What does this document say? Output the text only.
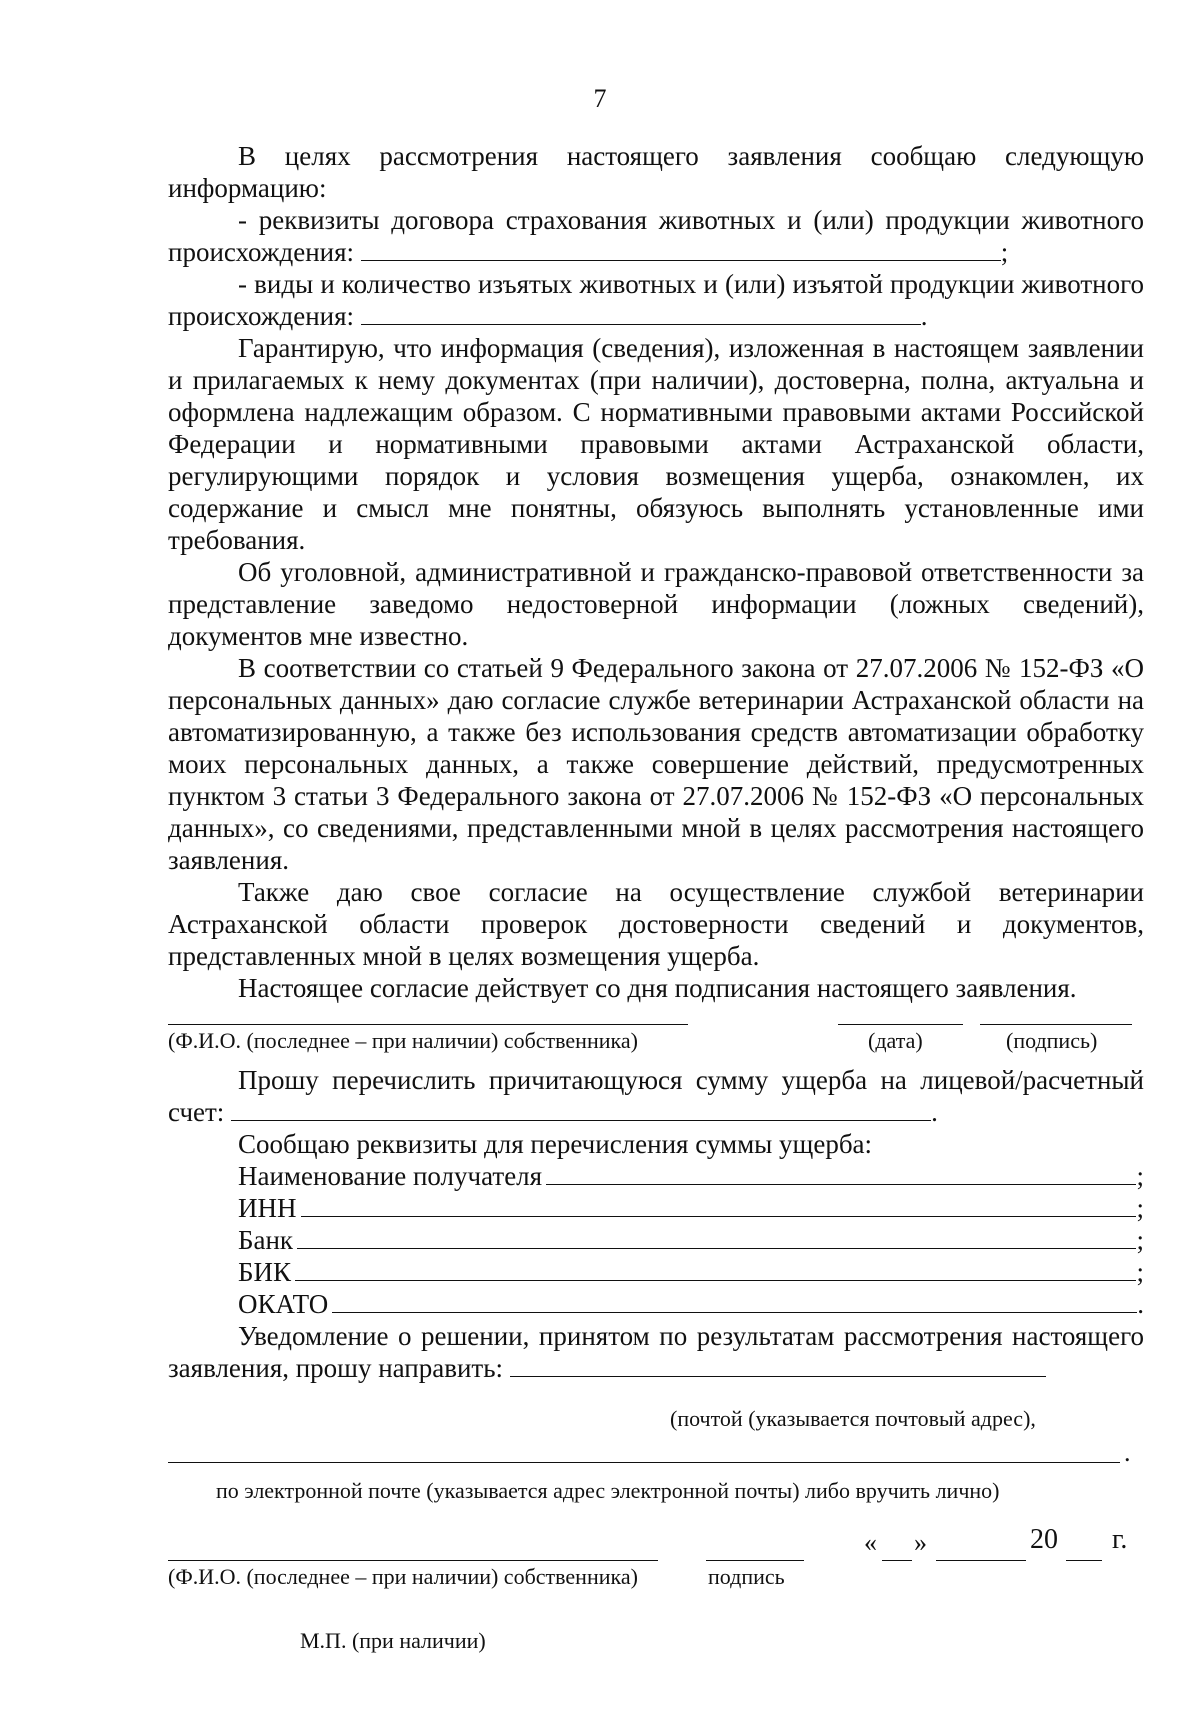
7

В целях рассмотрения настоящего заявления сообщаю следующую информацию:

- реквизиты договора страхования животных и (или) продукции животного происхождения:	;

- виды и количество изъятых животных и (или) изъятой продукции животного происхождения:	.

Гарантирую, что информация (сведения), изложенная в настоящем заявлении и прилагаемых к нему документах (при наличии), достоверна, полна, актуальна и оформлена надлежащим образом. С нормативными правовыми актами Российской Федерации и нормативными правовыми актами Астраханской области, регулирующими порядок и условия возмещения ущерба, ознакомлен, их содержание и смысл мне понятны, обязуюсь выполнять установленные ими требования.

Об уголовной, административной и гражданско-правовой ответственности за представление заведомо недостоверной информации (ложных сведений), документов мне известно.

В соответствии со статьей 9 Федерального закона от 27.07.2006 № 152-ФЗ «О персональных данных» даю согласие службе ветеринарии Астраханской области на автоматизированную, а также без использования средств автоматизации обработку моих персональных данных, а также совершение действий, предусмотренных пунктом 3 статьи 3 Федерального закона от 27.07.2006 № 152-ФЗ «О персональных данных», со сведениями, представленными мной в целях рассмотрения настоящего заявления.

Также даю свое согласие на осуществление службой ветеринарии Астраханской области проверок достоверности сведений и документов, представленных мной в целях возмещения ущерба.

Настоящее согласие действует со дня подписания настоящего заявления.

(Ф.И.О. (последнее – при наличии) собственника)	(дата)	(подпись)

Прошу перечислить причитающуюся сумму ущерба на лицевой/расчетный счет:	.

Сообщаю реквизиты для перечисления суммы ущерба:

Наименование получателя	;
ИНН	;
Банк	;
БИК	;
ОКАТО	.

Уведомление о решении, принятом по результатам рассмотрения настоящего заявления, прошу направить:

(почтой (указывается почтовый адрес),
.
по электронной почте (указывается адрес электронной почты) либо вручить лично)
« »	20 г.
(Ф.И.О. (последнее – при наличии) собственника)	подпись
М.П. (при наличии)
